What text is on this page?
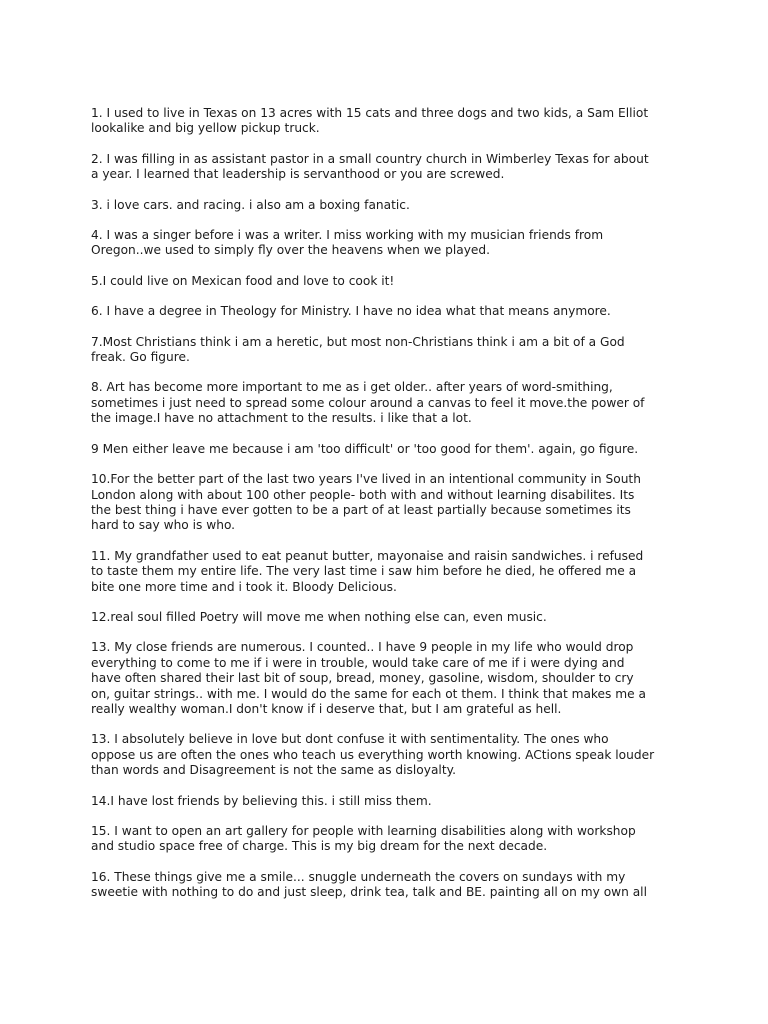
1. I used to live in Texas on 13 acres with 15 cats and three dogs and two kids, a Sam Elliot
lookalike and big yellow pickup truck.

2. I was filling in as assistant pastor in a small country church in Wimberley Texas for about
a year. I learned that leadership is servanthood or you are screwed.

3. i love cars. and racing. i also am a boxing fanatic.

4. I was a singer before i was a writer. I miss working with my musician friends from
Oregon..we used to simply fly over the heavens when we played.

5.I could live on Mexican food and love to cook it!

6. I have a degree in Theology for Ministry. I have no idea what that means anymore.

7.Most Christians think i am a heretic, but most non-Christians think i am a bit of a God
freak. Go figure.

8. Art has become more important to me as i get older.. after years of word-smithing,
sometimes i just need to spread some colour around a canvas to feel it move.the power of
the image.I have no attachment to the results. i like that a lot.

9 Men either leave me because i am 'too difficult' or 'too good for them'. again, go figure.

10.For the better part of the last two years I've lived in an intentional community in South
London along with about 100 other people- both with and without learning disabilites. Its
the best thing i have ever gotten to be a part of at least partially because sometimes its
hard to say who is who.

11. My grandfather used to eat peanut butter, mayonaise and raisin sandwiches. i refused
to taste them my entire life. The very last time i saw him before he died, he offered me a
bite one more time and i took it. Bloody Delicious.

12.real soul filled Poetry will move me when nothing else can, even music.

13. My close friends are numerous. I counted.. I have 9 people in my life who would drop
everything to come to me if i were in trouble, would take care of me if i were dying and
have often shared their last bit of soup, bread, money, gasoline, wisdom, shoulder to cry
on, guitar strings.. with me. I would do the same for each ot them. I think that makes me a
really wealthy woman.I don't know if i deserve that, but I am grateful as hell.

13. I absolutely believe in love but dont confuse it with sentimentality. The ones who
oppose us are often the ones who teach us everything worth knowing. ACtions speak louder
than words and Disagreement is not the same as disloyalty.

14.I have lost friends by believing this. i still miss them.

15. I want to open an art gallery for people with learning disabilities along with workshop
and studio space free of charge. This is my big dream for the next decade.

16. These things give me a smile... snuggle underneath the covers on sundays with my
sweetie with nothing to do and just sleep, drink tea, talk and BE. painting all on my own all
